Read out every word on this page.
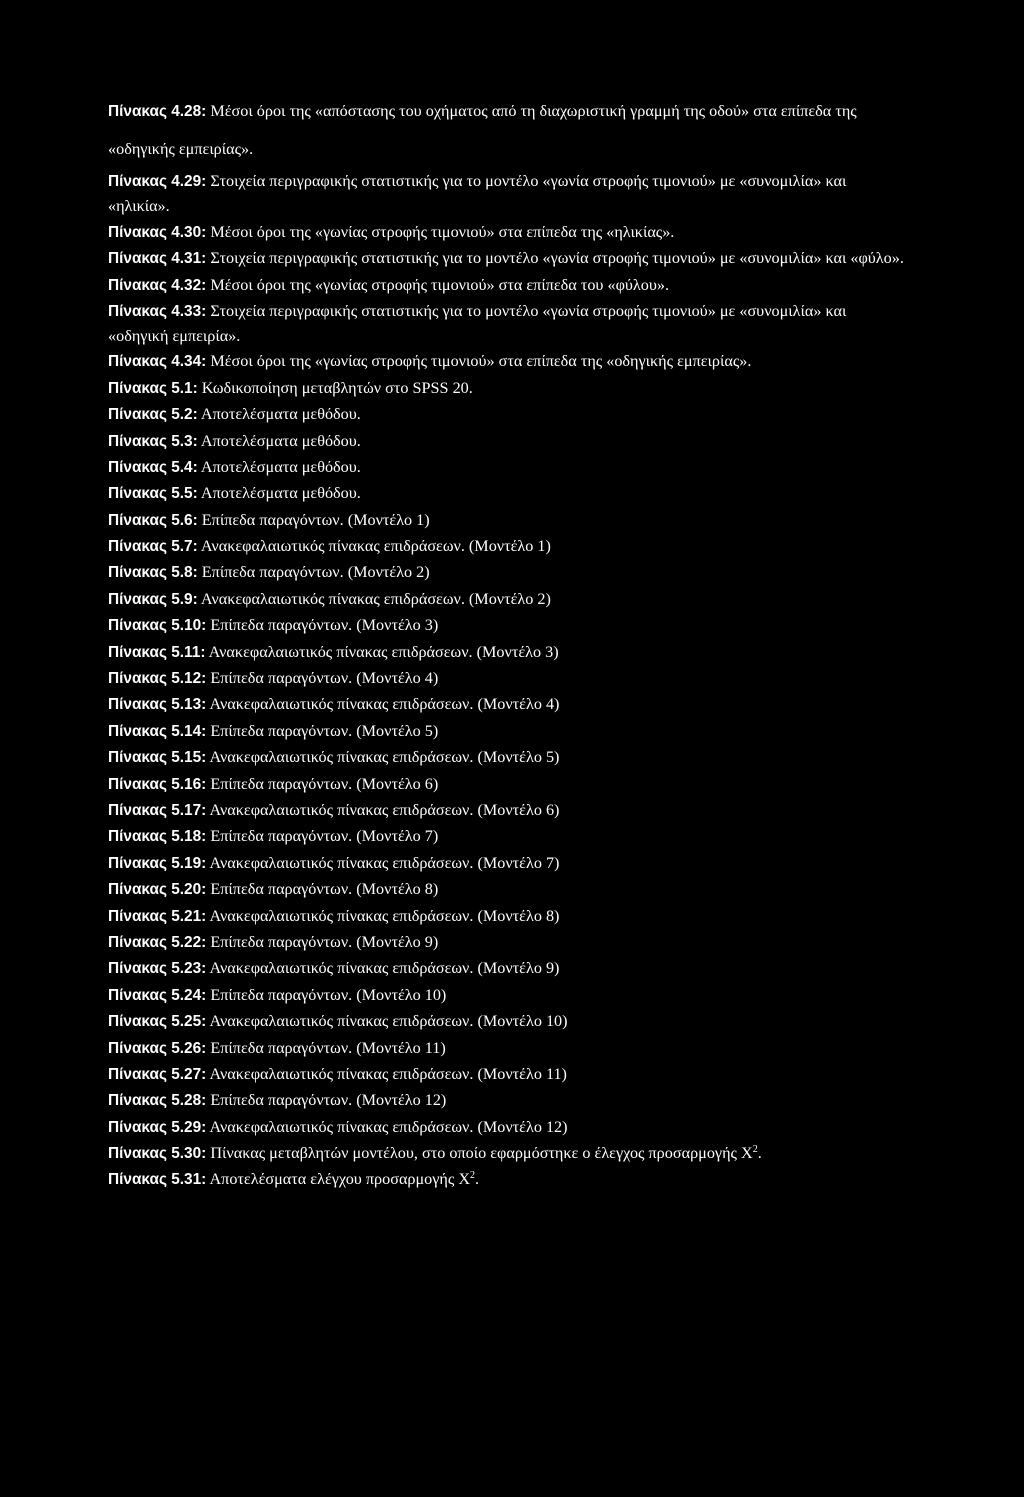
Πίνακας 4.28: Μέσοι όροι της «απόστασης του οχήματος από τη διαχωριστική γραμμή της οδού» στα επίπεδα της «οδηγικής εμπειρίας».
Πίνακας 4.29: Στοιχεία περιγραφικής στατιστικής για το μοντέλο «γωνία στροφής τιμονιού» με «συνομιλία» και «ηλικία».
Πίνακας 4.30: Μέσοι όροι της «γωνίας στροφής τιμονιού» στα επίπεδα της «ηλικίας».
Πίνακας 4.31: Στοιχεία περιγραφικής στατιστικής για το μοντέλο «γωνία στροφής τιμονιού» με «συνομιλία» και «φύλο».
Πίνακας 4.32: Μέσοι όροι της «γωνίας στροφής τιμονιού» στα επίπεδα του «φύλου».
Πίνακας 4.33: Στοιχεία περιγραφικής στατιστικής για το μοντέλο «γωνία στροφής τιμονιού» με «συνομιλία» και «οδηγική εμπειρία».
Πίνακας 4.34: Μέσοι όροι της «γωνίας στροφής τιμονιού» στα επίπεδα της «οδηγικής εμπειρίας».
Πίνακας 5.1: Κωδικοποίηση μεταβλητών στο SPSS 20.
Πίνακας 5.2: Αποτελέσματα μεθόδου.
Πίνακας 5.3: Αποτελέσματα μεθόδου.
Πίνακας 5.4: Αποτελέσματα μεθόδου.
Πίνακας 5.5: Αποτελέσματα μεθόδου.
Πίνακας 5.6: Επίπεδα παραγόντων. (Μοντέλο 1)
Πίνακας 5.7: Ανακεφαλαιωτικός πίνακας επιδράσεων. (Μοντέλο 1)
Πίνακας 5.8: Επίπεδα παραγόντων. (Μοντέλο 2)
Πίνακας 5.9: Ανακεφαλαιωτικός πίνακας επιδράσεων. (Μοντέλο 2)
Πίνακας 5.10: Επίπεδα παραγόντων. (Μοντέλο 3)
Πίνακας 5.11: Ανακεφαλαιωτικός πίνακας επιδράσεων. (Μοντέλο 3)
Πίνακας 5.12: Επίπεδα παραγόντων. (Μοντέλο 4)
Πίνακας 5.13: Ανακεφαλαιωτικός πίνακας επιδράσεων. (Μοντέλο 4)
Πίνακας 5.14: Επίπεδα παραγόντων. (Μοντέλο 5)
Πίνακας 5.15: Ανακεφαλαιωτικός πίνακας επιδράσεων. (Μοντέλο 5)
Πίνακας 5.16: Επίπεδα παραγόντων. (Μοντέλο 6)
Πίνακας 5.17: Ανακεφαλαιωτικός πίνακας επιδράσεων. (Μοντέλο 6)
Πίνακας 5.18: Επίπεδα παραγόντων. (Μοντέλο 7)
Πίνακας 5.19: Ανακεφαλαιωτικός πίνακας επιδράσεων. (Μοντέλο 7)
Πίνακας 5.20: Επίπεδα παραγόντων. (Μοντέλο 8)
Πίνακας 5.21: Ανακεφαλαιωτικός πίνακας επιδράσεων. (Μοντέλο 8)
Πίνακας 5.22: Επίπεδα παραγόντων. (Μοντέλο 9)
Πίνακας 5.23: Ανακεφαλαιωτικός πίνακας επιδράσεων. (Μοντέλο 9)
Πίνακας 5.24: Επίπεδα παραγόντων. (Μοντέλο 10)
Πίνακας 5.25: Ανακεφαλαιωτικός πίνακας επιδράσεων. (Μοντέλο 10)
Πίνακας 5.26: Επίπεδα παραγόντων. (Μοντέλο 11)
Πίνακας 5.27: Ανακεφαλαιωτικός πίνακας επιδράσεων. (Μοντέλο 11)
Πίνακας 5.28: Επίπεδα παραγόντων. (Μοντέλο 12)
Πίνακας 5.29: Ανακεφαλαιωτικός πίνακας επιδράσεων. (Μοντέλο 12)
Πίνακας 5.30: Πίνακας μεταβλητών μοντέλου, στο οποίο εφαρμόστηκε ο έλεγχος προσαρμογής $X^2$.
Πίνακας 5.31: Αποτελέσματα ελέγχου προσαρμογής $X^2$.
